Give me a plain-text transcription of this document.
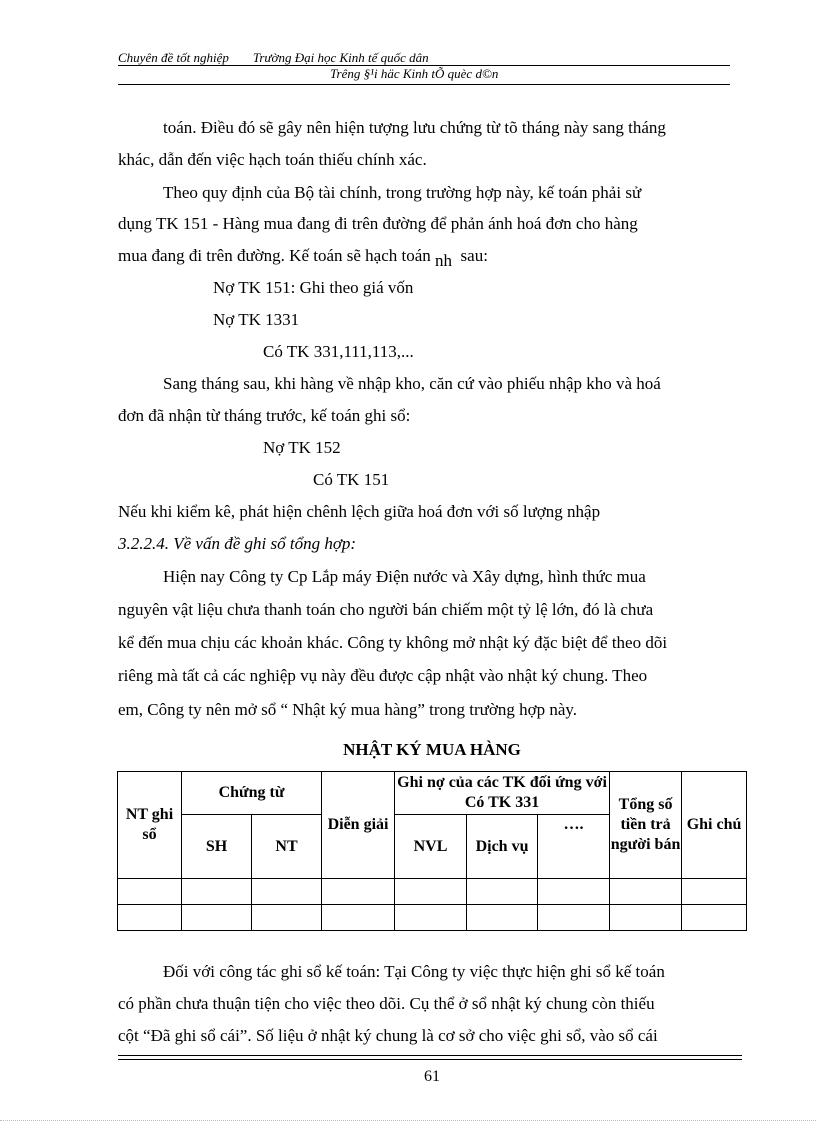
Chuyên đề tốt nghiệp Trường Đại học Kinh tế quốc dân
Trêng §¹i häc Kinh tÕ quèc d©n
toán. Điều đó sẽ gây nên hiện tượng lưu chứng từ tõ tháng này sang tháng
khác, dẫn đến việc hạch toán thiếu chính xác.
Theo quy định của Bộ tài chính, trong trường hợp này, kế toán phải sử
dụng TK 151 - Hàng mua đang đi trên đường để phản ánh hoá đơn cho hàng
mua đang đi trên đường. Kế toán sẽ hạch toán nh sau:
Nợ TK 151: Ghi theo giá vốn
Nợ TK 1331
Có TK 331,111,113,...
Sang tháng sau, khi hàng về nhập kho, căn cứ vào phiếu nhập kho và hoá
đơn đã nhận từ tháng trước, kế toán ghi sổ:
Nợ TK 152
Có TK 151
Nếu khi kiểm kê, phát hiện chênh lệch giữa hoá đơn với số lượng nhập
3.2.2.4. Về vấn đề ghi sổ tổng hợp:
Hiện nay Công ty Cp Lắp máy Điện nước và Xây dựng, hình thức mua
nguyên vật liệu chưa thanh toán cho người bán chiếm một tỷ lệ lớn, đó là chưa
kể đến mua chịu các khoản khác. Công ty không mở nhật ký đặc biệt để theo dõi
riêng mà tất cả các nghiệp vụ này đều được cập nhật vào nhật ký chung. Theo
em, Công ty nên mở sổ “ Nhật ký mua hàng” trong trường hợp này.
NHẬT KÝ MUA HÀNG
NT ghi sổ	Chứng từ		Diễn giải	Ghi nợ của các TK đối ứng với Có TK 331			Tổng số tiền trả người bán	Ghi chú
	SH	NT		NVL	Dịch vụ	….		

Đối với công tác ghi sổ kế toán: Tại Công ty việc thực hiện ghi sổ kế toán
có phần chưa thuận tiện cho việc theo dõi. Cụ thể ở sổ nhật ký chung còn thiếu
cột “Đã ghi sổ cái”. Số liệu ở nhật ký chung là cơ sở cho việc ghi sổ, vào sổ cái
61
